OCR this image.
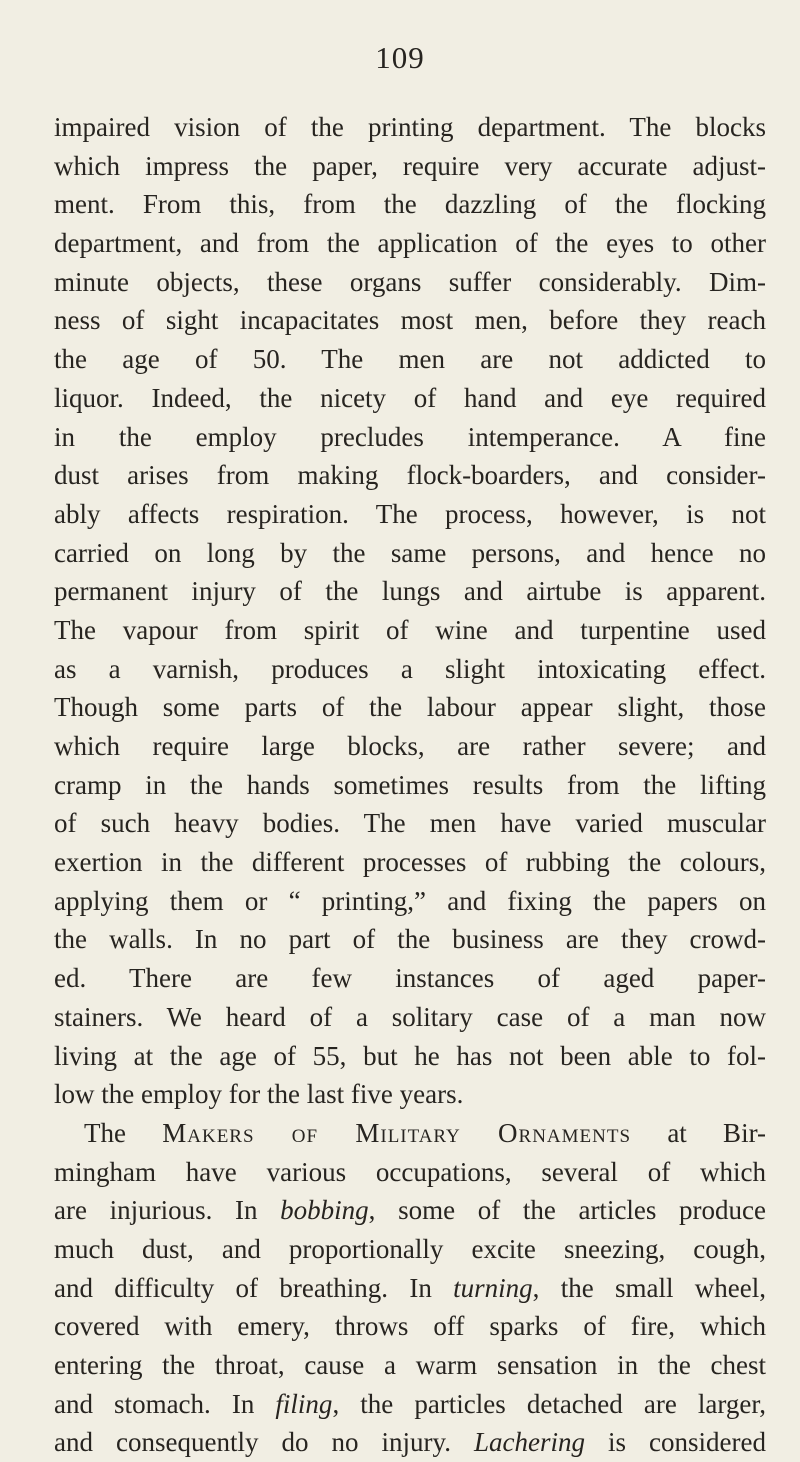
109
impaired vision of the printing department. The blocks
which impress the paper, require very accurate adjust-
ment. From this, from the dazzling of the flocking
department, and from the application of the eyes to other
minute objects, these organs suffer considerably. Dim-
ness of sight incapacitates most men, before they reach
the age of 50. The men are not addicted to
liquor. Indeed, the nicety of hand and eye required
in the employ precludes intemperance. A fine
dust arises from making flock-boarders, and consider-
ably affects respiration. The process, however, is not
carried on long by the same persons, and hence no
permanent injury of the lungs and airtube is apparent.
The vapour from spirit of wine and turpentine used
as a varnish, produces a slight intoxicating effect.
Though some parts of the labour appear slight, those
which require large blocks, are rather severe; and
cramp in the hands sometimes results from the lifting
of such heavy bodies. The men have varied muscular
exertion in the different processes of rubbing the colours,
applying them or “ printing,” and fixing the papers on
the walls. In no part of the business are they crowd-
ed. There are few instances of aged paper-
stainers. We heard of a solitary case of a man now
living at the age of 55, but he has not been able to fol-
low the employ for the last five years.
The Makers of Military Ornaments at Bir-
mingham have various occupations, several of which
are injurious. In bobbing, some of the articles produce
much dust, and proportionally excite sneezing, cough,
and difficulty of breathing. In turning, the small wheel,
covered with emery, throws off sparks of fire, which
entering the throat, cause a warm sensation in the chest
and stomach. In filing, the particles detached are larger,
and consequently do no injury. Lachering is considered
